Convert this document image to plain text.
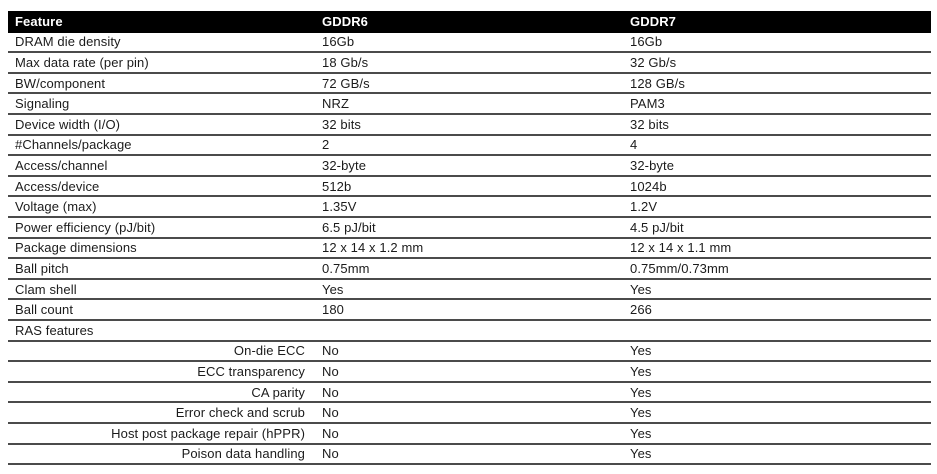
Feature	GDDR6	GDDR7
DRAM die density	16Gb	16Gb
Max data rate (per pin)	18 Gb/s	32 Gb/s
BW/component	72 GB/s	128 GB/s
Signaling	NRZ	PAM3
Device width (I/O)	32 bits	32 bits
#Channels/package	2	4
Access/channel	32-byte	32-byte
Access/device	512b	1024b
Voltage (max)	1.35V	1.2V
Power efficiency (pJ/bit)	6.5 pJ/bit	4.5 pJ/bit
Package dimensions	12 x 14 x 1.2 mm	12 x 14 x 1.1 mm
Ball pitch	0.75mm	0.75mm/0.73mm
Clam shell	Yes	Yes
Ball count	180	266
RAS features
On-die ECC	No	Yes
ECC transparency	No	Yes
CA parity	No	Yes
Error check and scrub	No	Yes
Host post package repair (hPPR)	No	Yes
Poison data handling	No	Yes
